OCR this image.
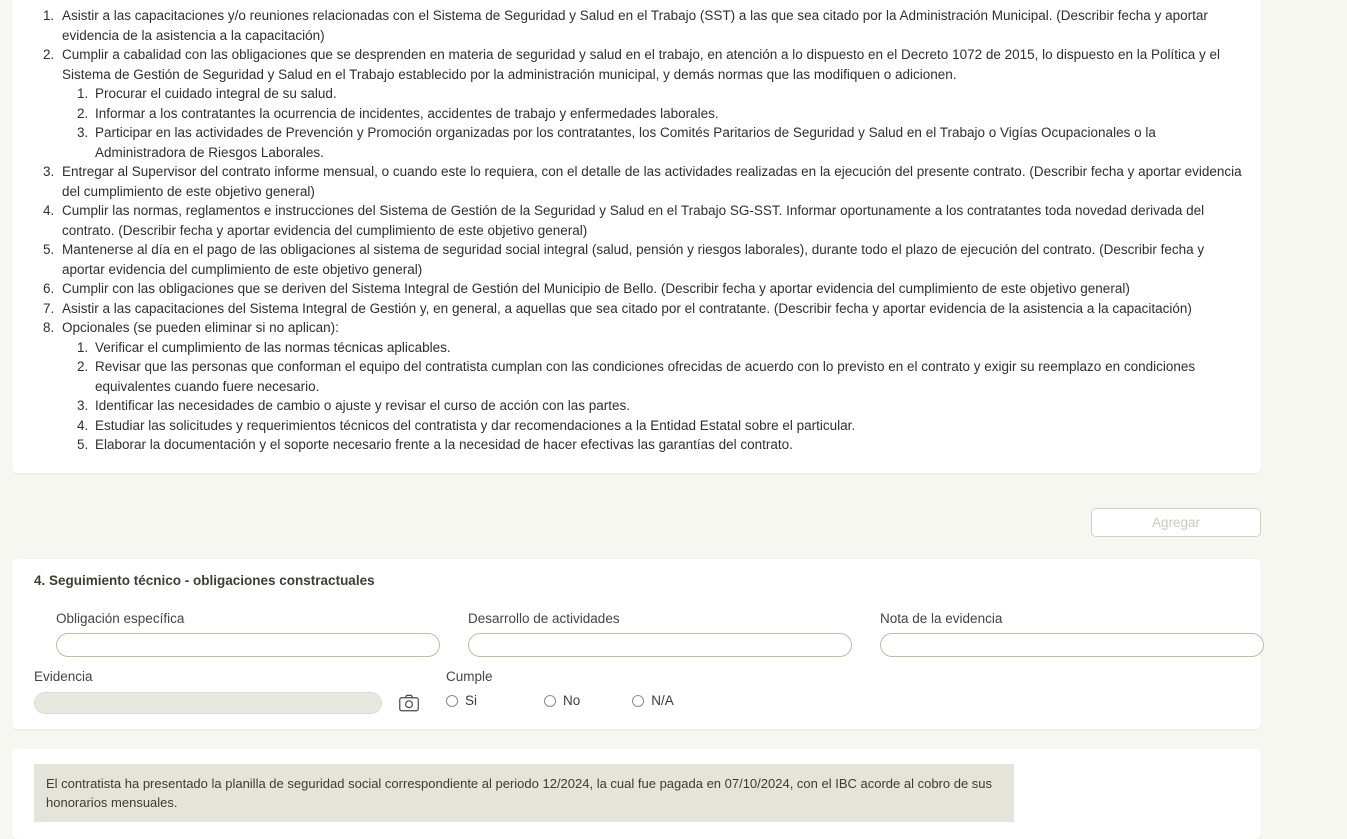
1. Asistir a las capacitaciones y/o reuniones relacionadas con el Sistema de Seguridad y Salud en el Trabajo (SST) a las que sea citado por la Administración Municipal. (Describir fecha y aportar evidencia de la asistencia a la capacitación)
2. Cumplir a cabalidad con las obligaciones que se desprenden en materia de seguridad y salud en el trabajo, en atención a lo dispuesto en el Decreto 1072 de 2015, lo dispuesto en la Política y el Sistema de Gestión de Seguridad y Salud en el Trabajo establecido por la administración municipal, y demás normas que las modifiquen o adicionen.
1. Procurar el cuidado integral de su salud.
2. Informar a los contratantes la ocurrencia de incidentes, accidentes de trabajo y enfermedades laborales.
3. Participar en las actividades de Prevención y Promoción organizadas por los contratantes, los Comités Paritarios de Seguridad y Salud en el Trabajo o Vigías Ocupacionales o la Administradora de Riesgos Laborales.
3. Entregar al Supervisor del contrato informe mensual, o cuando este lo requiera, con el detalle de las actividades realizadas en la ejecución del presente contrato. (Describir fecha y aportar evidencia del cumplimiento de este objetivo general)
4. Cumplir las normas, reglamentos e instrucciones del Sistema de Gestión de la Seguridad y Salud en el Trabajo SG-SST. Informar oportunamente a los contratantes toda novedad derivada del contrato. (Describir fecha y aportar evidencia del cumplimiento de este objetivo general)
5. Mantenerse al día en el pago de las obligaciones al sistema de seguridad social integral (salud, pensión y riesgos laborales), durante todo el plazo de ejecución del contrato. (Describir fecha y aportar evidencia del cumplimiento de este objetivo general)
6. Cumplir con las obligaciones que se deriven del Sistema Integral de Gestión del Municipio de Bello. (Describir fecha y aportar evidencia del cumplimiento de este objetivo general)
7. Asistir a las capacitaciones del Sistema Integral de Gestión y, en general, a aquellas que sea citado por el contratante. (Describir fecha y aportar evidencia de la asistencia a la capacitación)
8. Opcionales (se pueden eliminar si no aplican):
1. Verificar el cumplimiento de las normas técnicas aplicables.
2. Revisar que las personas que conforman el equipo del contratista cumplan con las condiciones ofrecidas de acuerdo con lo previsto en el contrato y exigir su reemplazo en condiciones equivalentes cuando fuere necesario.
3. Identificar las necesidades de cambio o ajuste y revisar el curso de acción con las partes.
4. Estudiar las solicitudes y requerimientos técnicos del contratista y dar recomendaciones a la Entidad Estatal sobre el particular.
5. Elaborar la documentación y el soporte necesario frente a la necesidad de hacer efectivas las garantías del contrato.
Agregar
4. Seguimiento técnico - obligaciones constractuales
Obligación específica	Desarrollo de actividades	Nota de la evidencia
Evidencia	Cumple
Si	No	N/A
El contratista ha presentado la planilla de seguridad social correspondiente al periodo 12/2024, la cual fue pagada en 07/10/2024, con el IBC acorde al cobro de sus honorarios mensuales.
